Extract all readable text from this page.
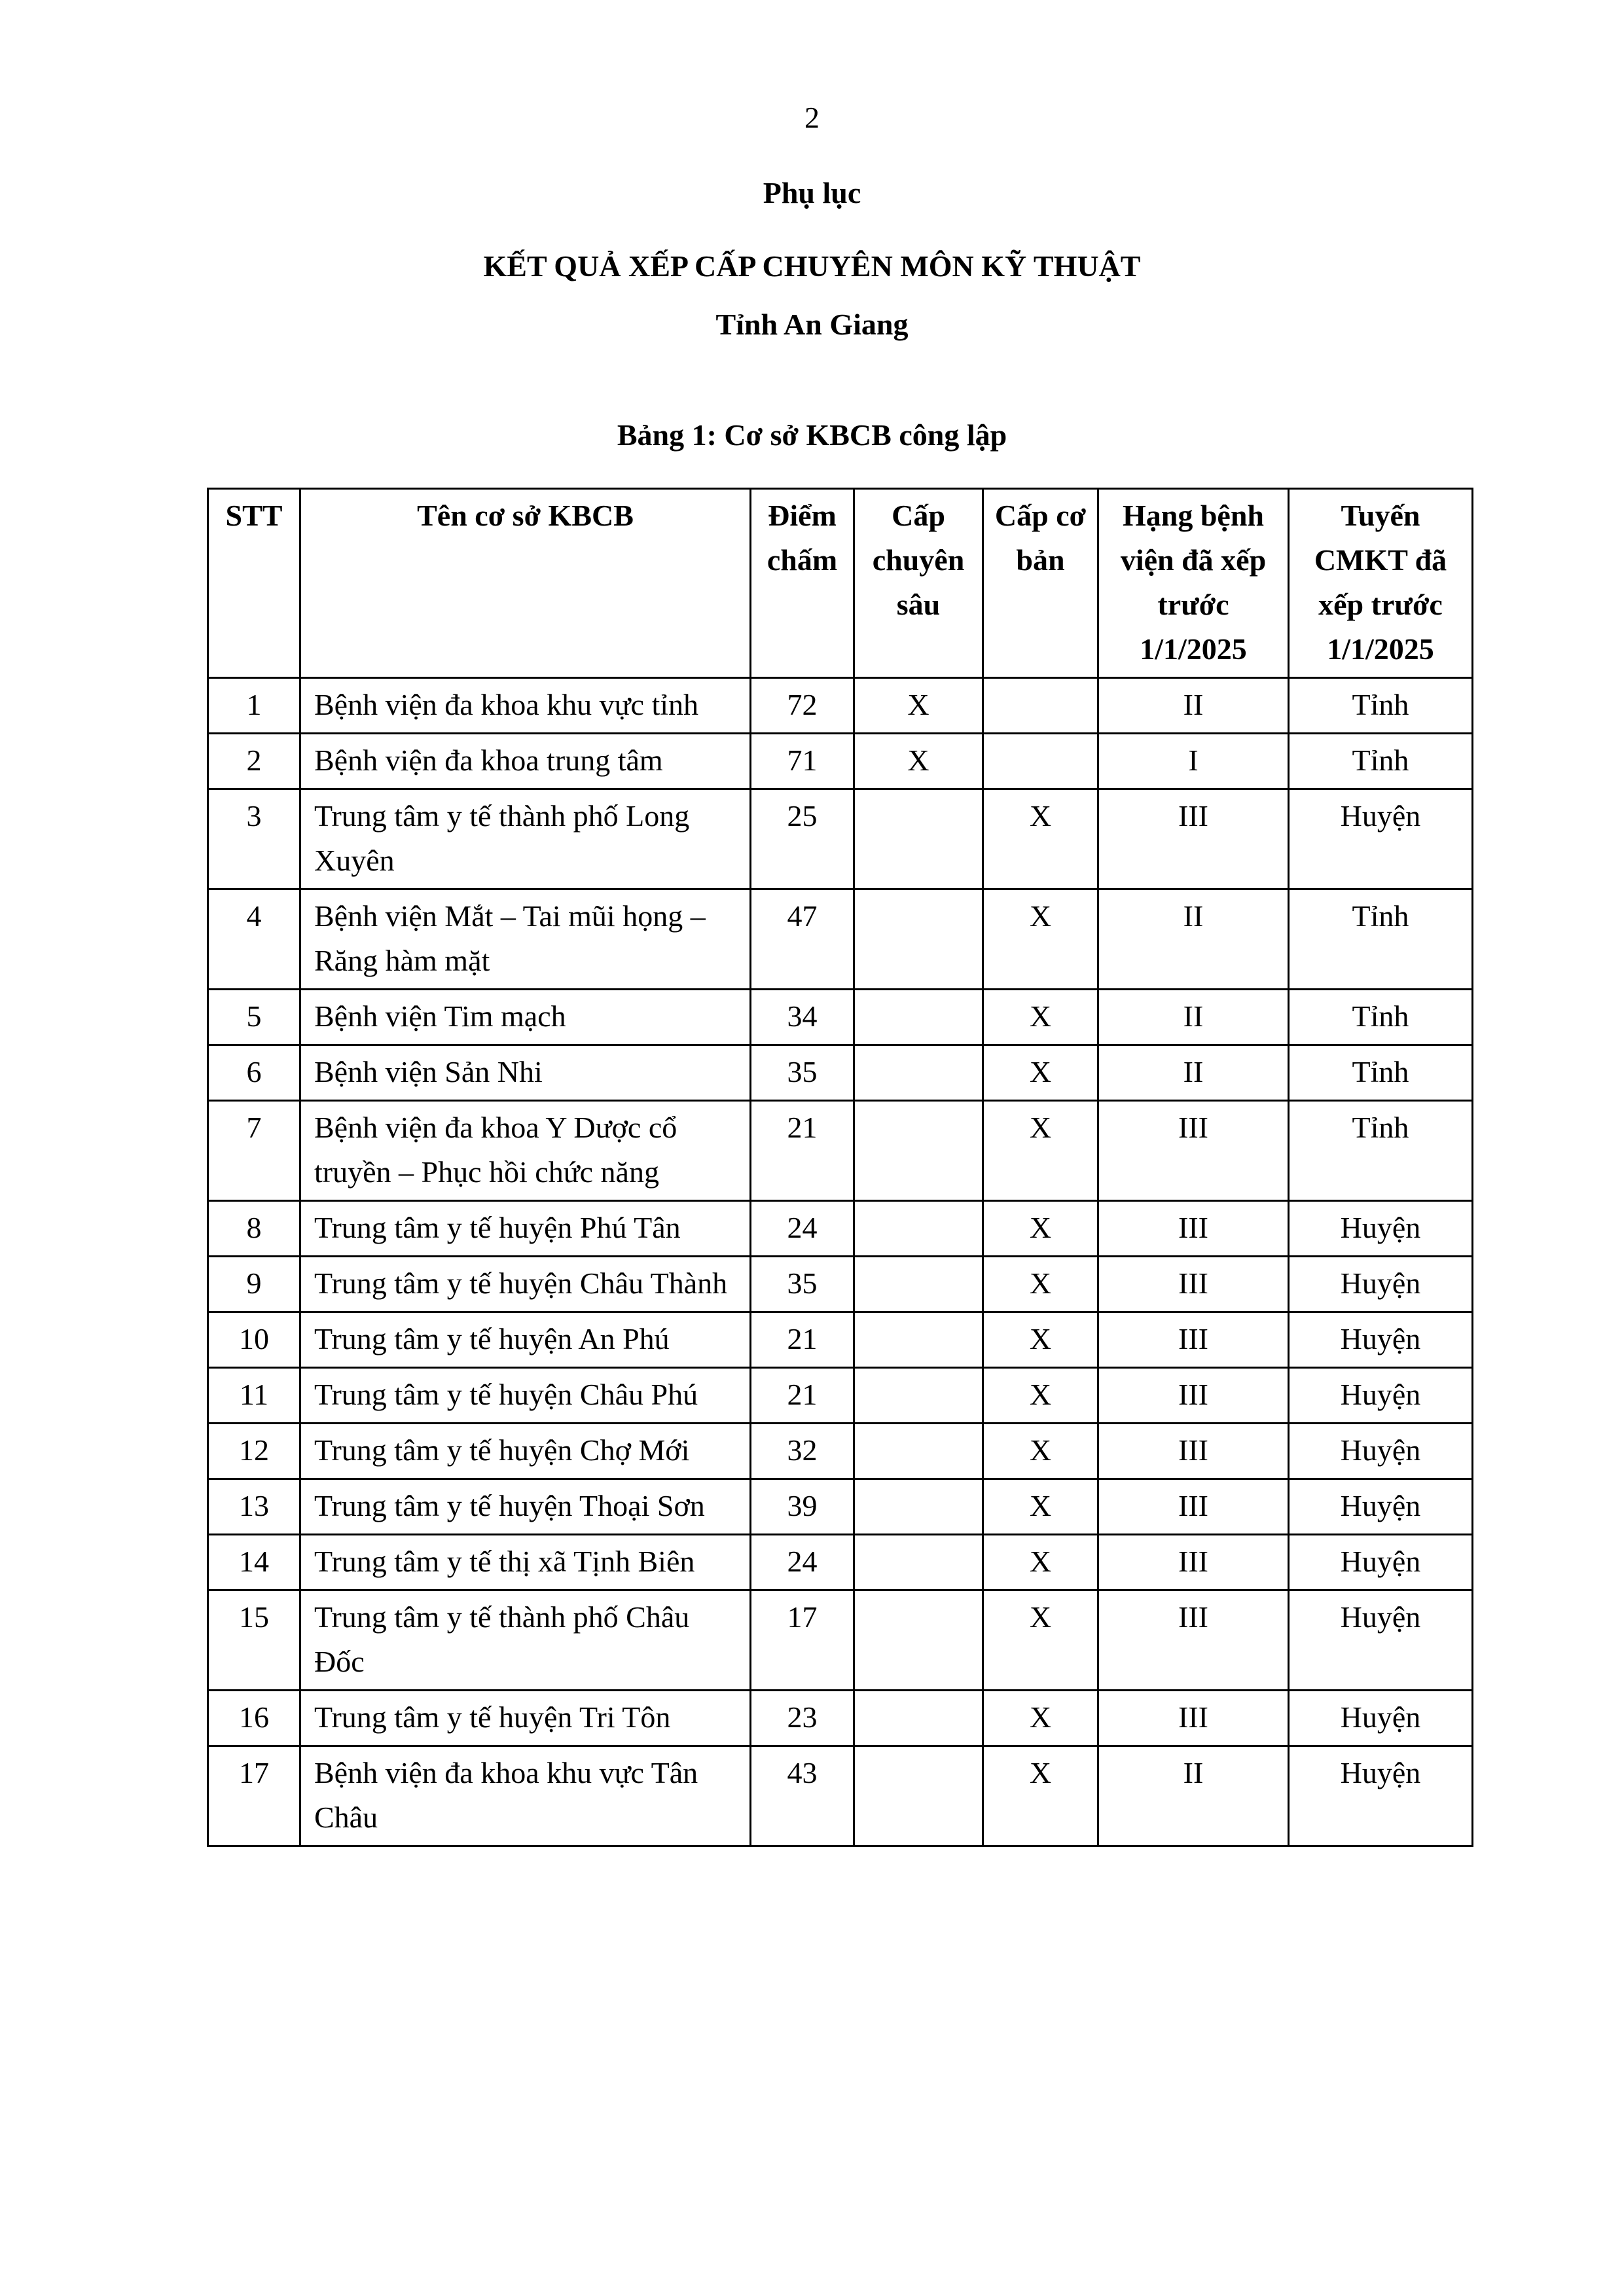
2
Phụ lục
KẾT QUẢ XẾP CẤP CHUYÊN MÔN KỸ THUẬT
Tỉnh An Giang
Bảng 1: Cơ sở KBCB công lập
STT	Tên cơ sở KBCB	Điểm chấm	Cấp chuyên sâu	Cấp cơ bản	Hạng bệnh viện đã xếp trước 1/1/2025	Tuyến CMKT đã xếp trước 1/1/2025
1	Bệnh viện đa khoa khu vực tỉnh	72	X		II	Tỉnh
2	Bệnh viện đa khoa trung tâm	71	X		I	Tỉnh
3	Trung tâm y tế thành phố Long Xuyên	25		X	III	Huyện
4	Bệnh viện Mắt – Tai mũi họng – Răng hàm mặt	47		X	II	Tỉnh
5	Bệnh viện Tim mạch	34		X	II	Tỉnh
6	Bệnh viện Sản Nhi	35		X	II	Tỉnh
7	Bệnh viện đa khoa Y Dược cổ truyền – Phục hồi chức năng	21		X	III	Tỉnh
8	Trung tâm y tế huyện Phú Tân	24		X	III	Huyện
9	Trung tâm y tế huyện Châu Thành	35		X	III	Huyện
10	Trung tâm y tế huyện An Phú	21		X	III	Huyện
11	Trung tâm y tế huyện Châu Phú	21		X	III	Huyện
12	Trung tâm y tế huyện Chợ Mới	32		X	III	Huyện
13	Trung tâm y tế huyện Thoại Sơn	39		X	III	Huyện
14	Trung tâm y tế thị xã Tịnh Biên	24		X	III	Huyện
15	Trung tâm y tế thành phố Châu Đốc	17		X	III	Huyện
16	Trung tâm y tế huyện Tri Tôn	23		X	III	Huyện
17	Bệnh viện đa khoa khu vực Tân Châu	43		X	II	Huyện
